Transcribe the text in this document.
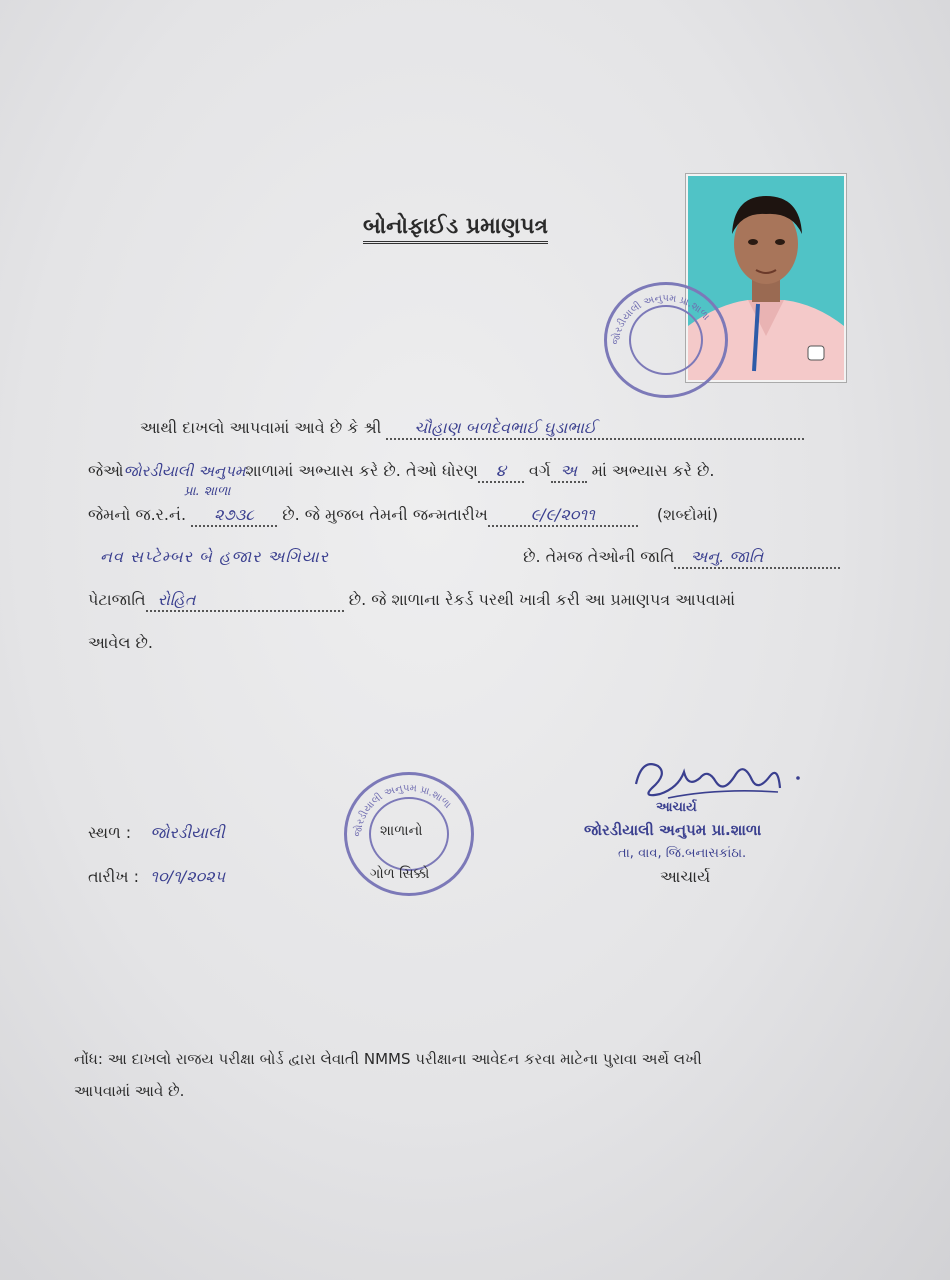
બોનોફાઈડ પ્રમાણપત્ર
જોરડીયાલી અનુપમ પ્રા.શાળા
આથી દાખલો આપવામાં આવે છે કે શ્રી ચૌહાણ બળદેવભાઈ ઘુડાભાઈ
જેઓજોરડીયાલી અનુપમશાળામાં અભ્યાસ કરે છે. તેઓ ધોરણ ૪ વર્ગ અ માં અભ્યાસ કરે છે.
પ્રા. શાળા
જેમનો જ.ર.નં. ૨૭૩૮ છે. જે મુજબ તેમની જન્મતારીખ	૯/૯/૨૦૧૧	(શબ્દોમાં)
નવ સપ્ટેમ્બર બે હજાર અગિયાર	છે. તેમજ તેઓની જાતિ અનુ. જાતિ
પેટાજાતિ રોહિત	છે. જે શાળાના રેકર્ડ પરથી ખાત્રી કરી આ પ્રમાણપત્ર આપવામાં
આવેલ છે.
સ્થળ : જોરડીયાલી
તારીખ : ૧૦/૧/૨૦૨૫
જોરડીયાલી અનુપમ પ્રા.શાળા
શાળાનો
ગોળ સિક્કો
આચાર્ય
જોરડીયાલી અનુપમ પ્રા.શાળા
તા, વાવ, જિ.બનાસકાંઠા.
આચાર્ય
નોંધ: આ દાખલો રાજય પરીક્ષા બોર્ડ દ્વારા લેવાતી NMMS પરીક્ષાના આવેદન કરવા માટેના પુરાવા અર્થે લખી
આપવામાં આવે છે.
